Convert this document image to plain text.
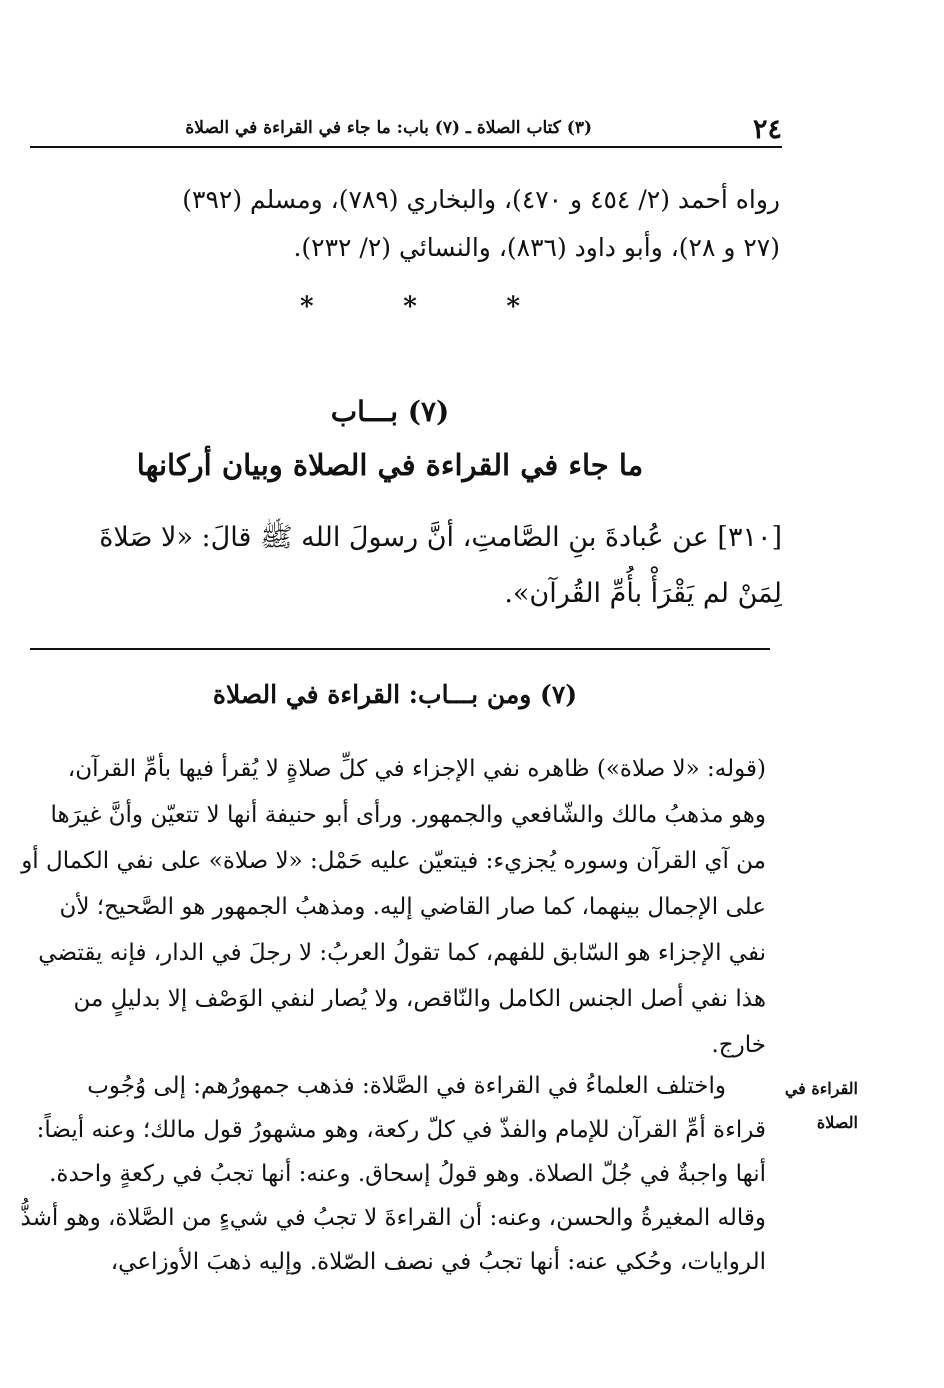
٢٤
(٣) كتاب الصلاة ـ (٧) باب: ما جاء في القراءة في الصلاة
رواه أحمد (٢/ ٤٥٤ و ٤٧٠)، والبخاري (٧٨٩)، ومسلم (٣٩٢)
(٢٧ و ٢٨)، وأبو داود (٨٣٦)، والنسائي (٢/ ٢٣٢).
*
*
*
(٧) بـــاب
ما جاء في القراءة في الصلاة وبيان أركانها
[٣١٠] عن عُبادةَ بنِ الصَّامتِ، أنَّ رسولَ الله ﷺ قالَ: «لا صَلاةَ
لِمَنْ لم يَقْرَأْ بأُمِّ القُرآن».
(٧) ومن بـــاب: القراءة في الصلاة
(قوله: «لا صلاة») ظاهره نفي الإجزاء في كلِّ صلاةٍ لا يُقرأ فيها بأمِّ القرآن،
وهو مذهبُ مالك والشّافعي والجمهور. ورأى أبو حنيفة أنها لا تتعيّن وأنَّ غيرَها
من آي القرآن وسوره يُجزيء: فيتعيّن عليه حَمْل: «لا صلاة» على نفي الكمال أو
على الإجمال بينهما، كما صار القاضي إليه. ومذهبُ الجمهور هو الصَّحيح؛ لأن
نفي الإجزاء هو السّابق للفهم، كما تقولُ العربُ: لا رجلَ في الدار، فإنه يقتضي
هذا نفي أصل الجنس الكامل والنّاقص، ولا يُصار لنفي الوَصْف إلا بدليلٍ من
خارج.
القراءة في
الصلاة
واختلف العلماءُ في القراءة في الصَّلاة: فذهب جمهورُهم: إلى وُجُوب
قراءة أمِّ القرآن للإمام والفذّ في كلّ ركعة، وهو مشهورُ قول مالك؛ وعنه أيضاً:
أنها واجبةٌ في جُلّ الصلاة. وهو قولُ إسحاق. وعنه: أنها تجبُ في ركعةٍ واحدة.
وقاله المغيرةُ والحسن، وعنه: أن القراءةَ لا تجبُ في شيءٍ من الصَّلاة، وهو أشذُّ
الروايات، وحُكي عنه: أنها تجبُ في نصف الصّلاة. وإليه ذهبَ الأوزاعي،
